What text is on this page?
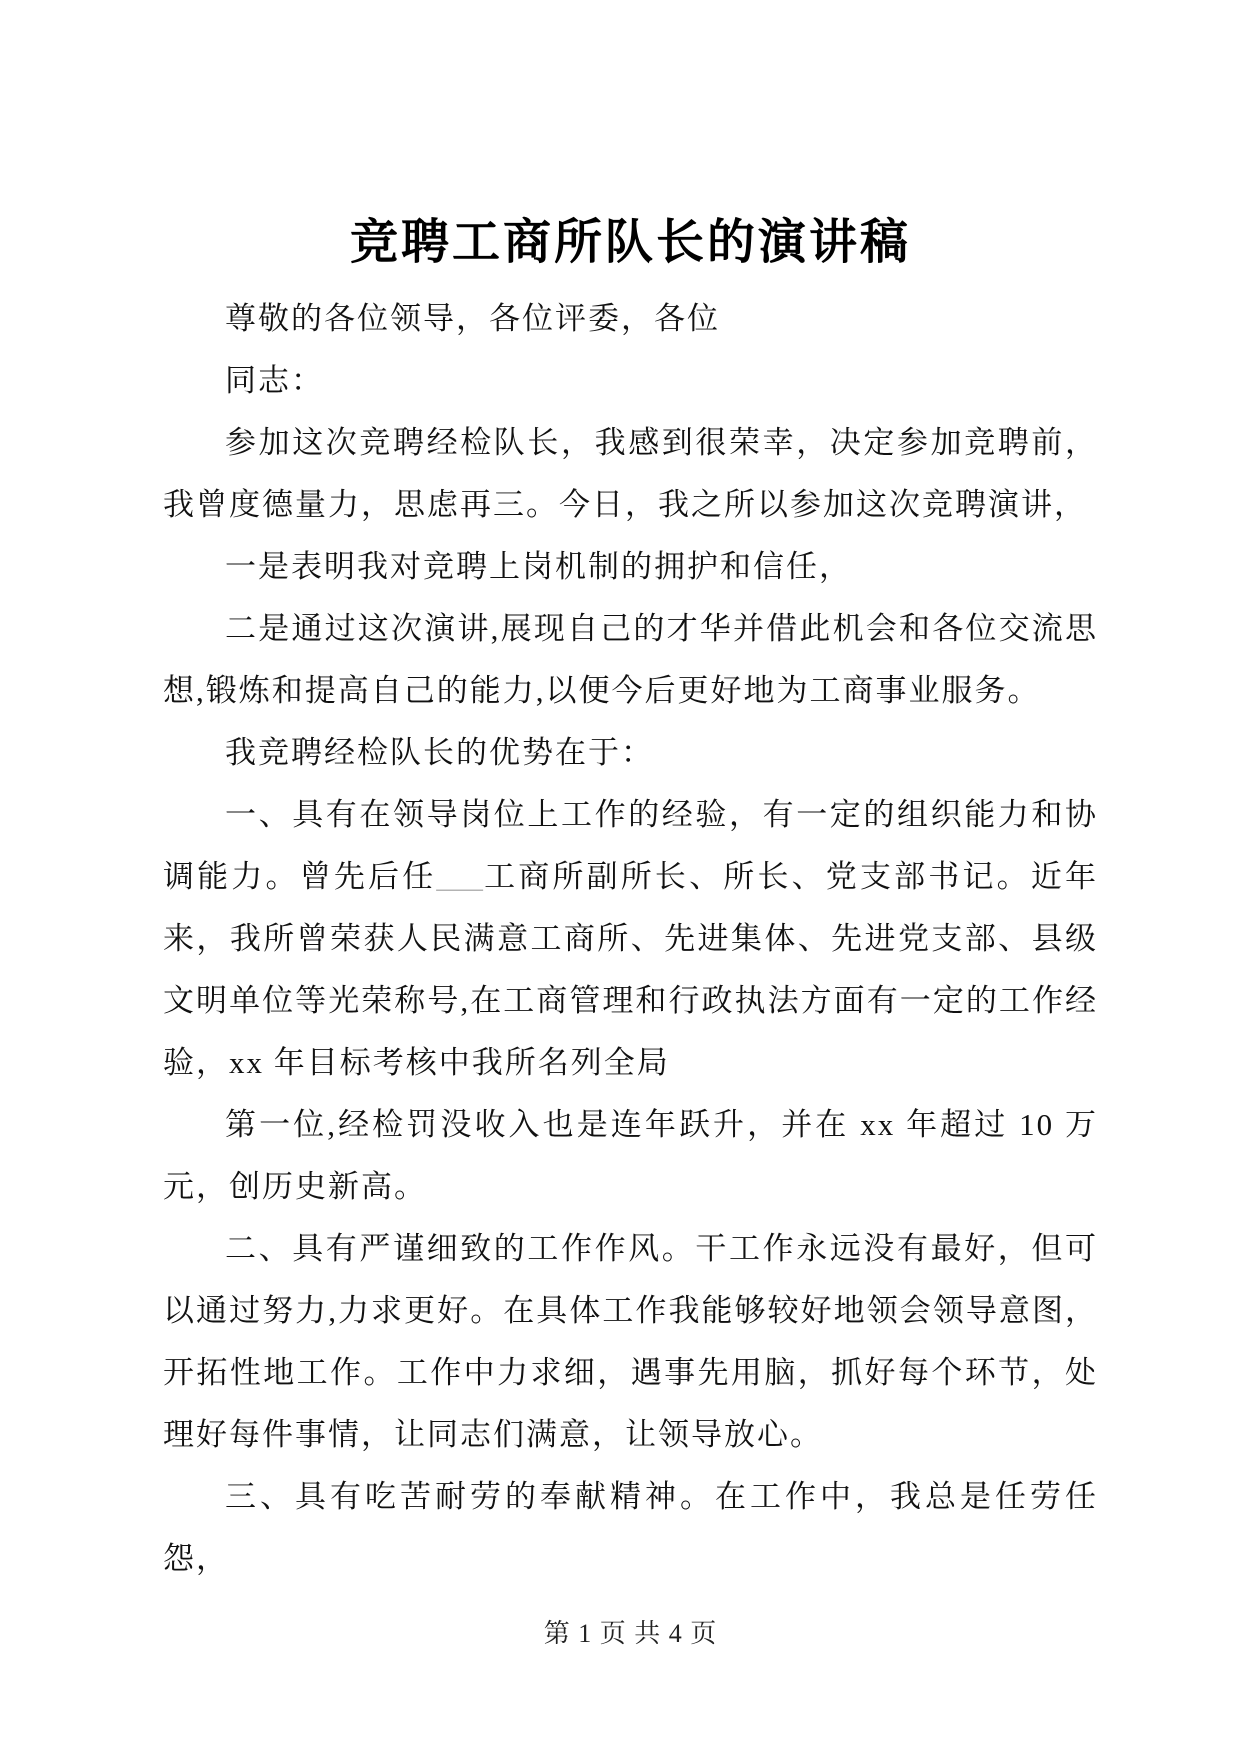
竞聘工商所队长的演讲稿

尊敬的各位领导，各位评委，各位

同志：

参加这次竞聘经检队长，我感到很荣幸，决定参加竞聘前，我曾度德量力，思虑再三。今日，我之所以参加这次竞聘演讲，

一是表明我对竞聘上岗机制的拥护和信任，

二是通过这次演讲,展现自己的才华并借此机会和各位交流思想,锻炼和提高自己的能力,以便今后更好地为工商事业服务。

我竞聘经检队长的优势在于：

一、具有在领导岗位上工作的经验，有一定的组织能力和协调能力。曾先后任___工商所副所长、所长、党支部书记。近年来，我所曾荣获人民满意工商所、先进集体、先进党支部、县级文明单位等光荣称号,在工商管理和行政执法方面有一定的工作经验，xx 年目标考核中我所名列全局

第一位,经检罚没收入也是连年跃升，并在 xx 年超过 10 万元，创历史新高。

二、具有严谨细致的工作作风。干工作永远没有最好，但可以通过努力,力求更好。在具体工作我能够较好地领会领导意图，开拓性地工作。工作中力求细，遇事先用脑，抓好每个环节，处理好每件事情，让同志们满意，让领导放心。

三、具有吃苦耐劳的奉献精神。在工作中，我总是任劳任怨，

第 1 页 共 4 页
